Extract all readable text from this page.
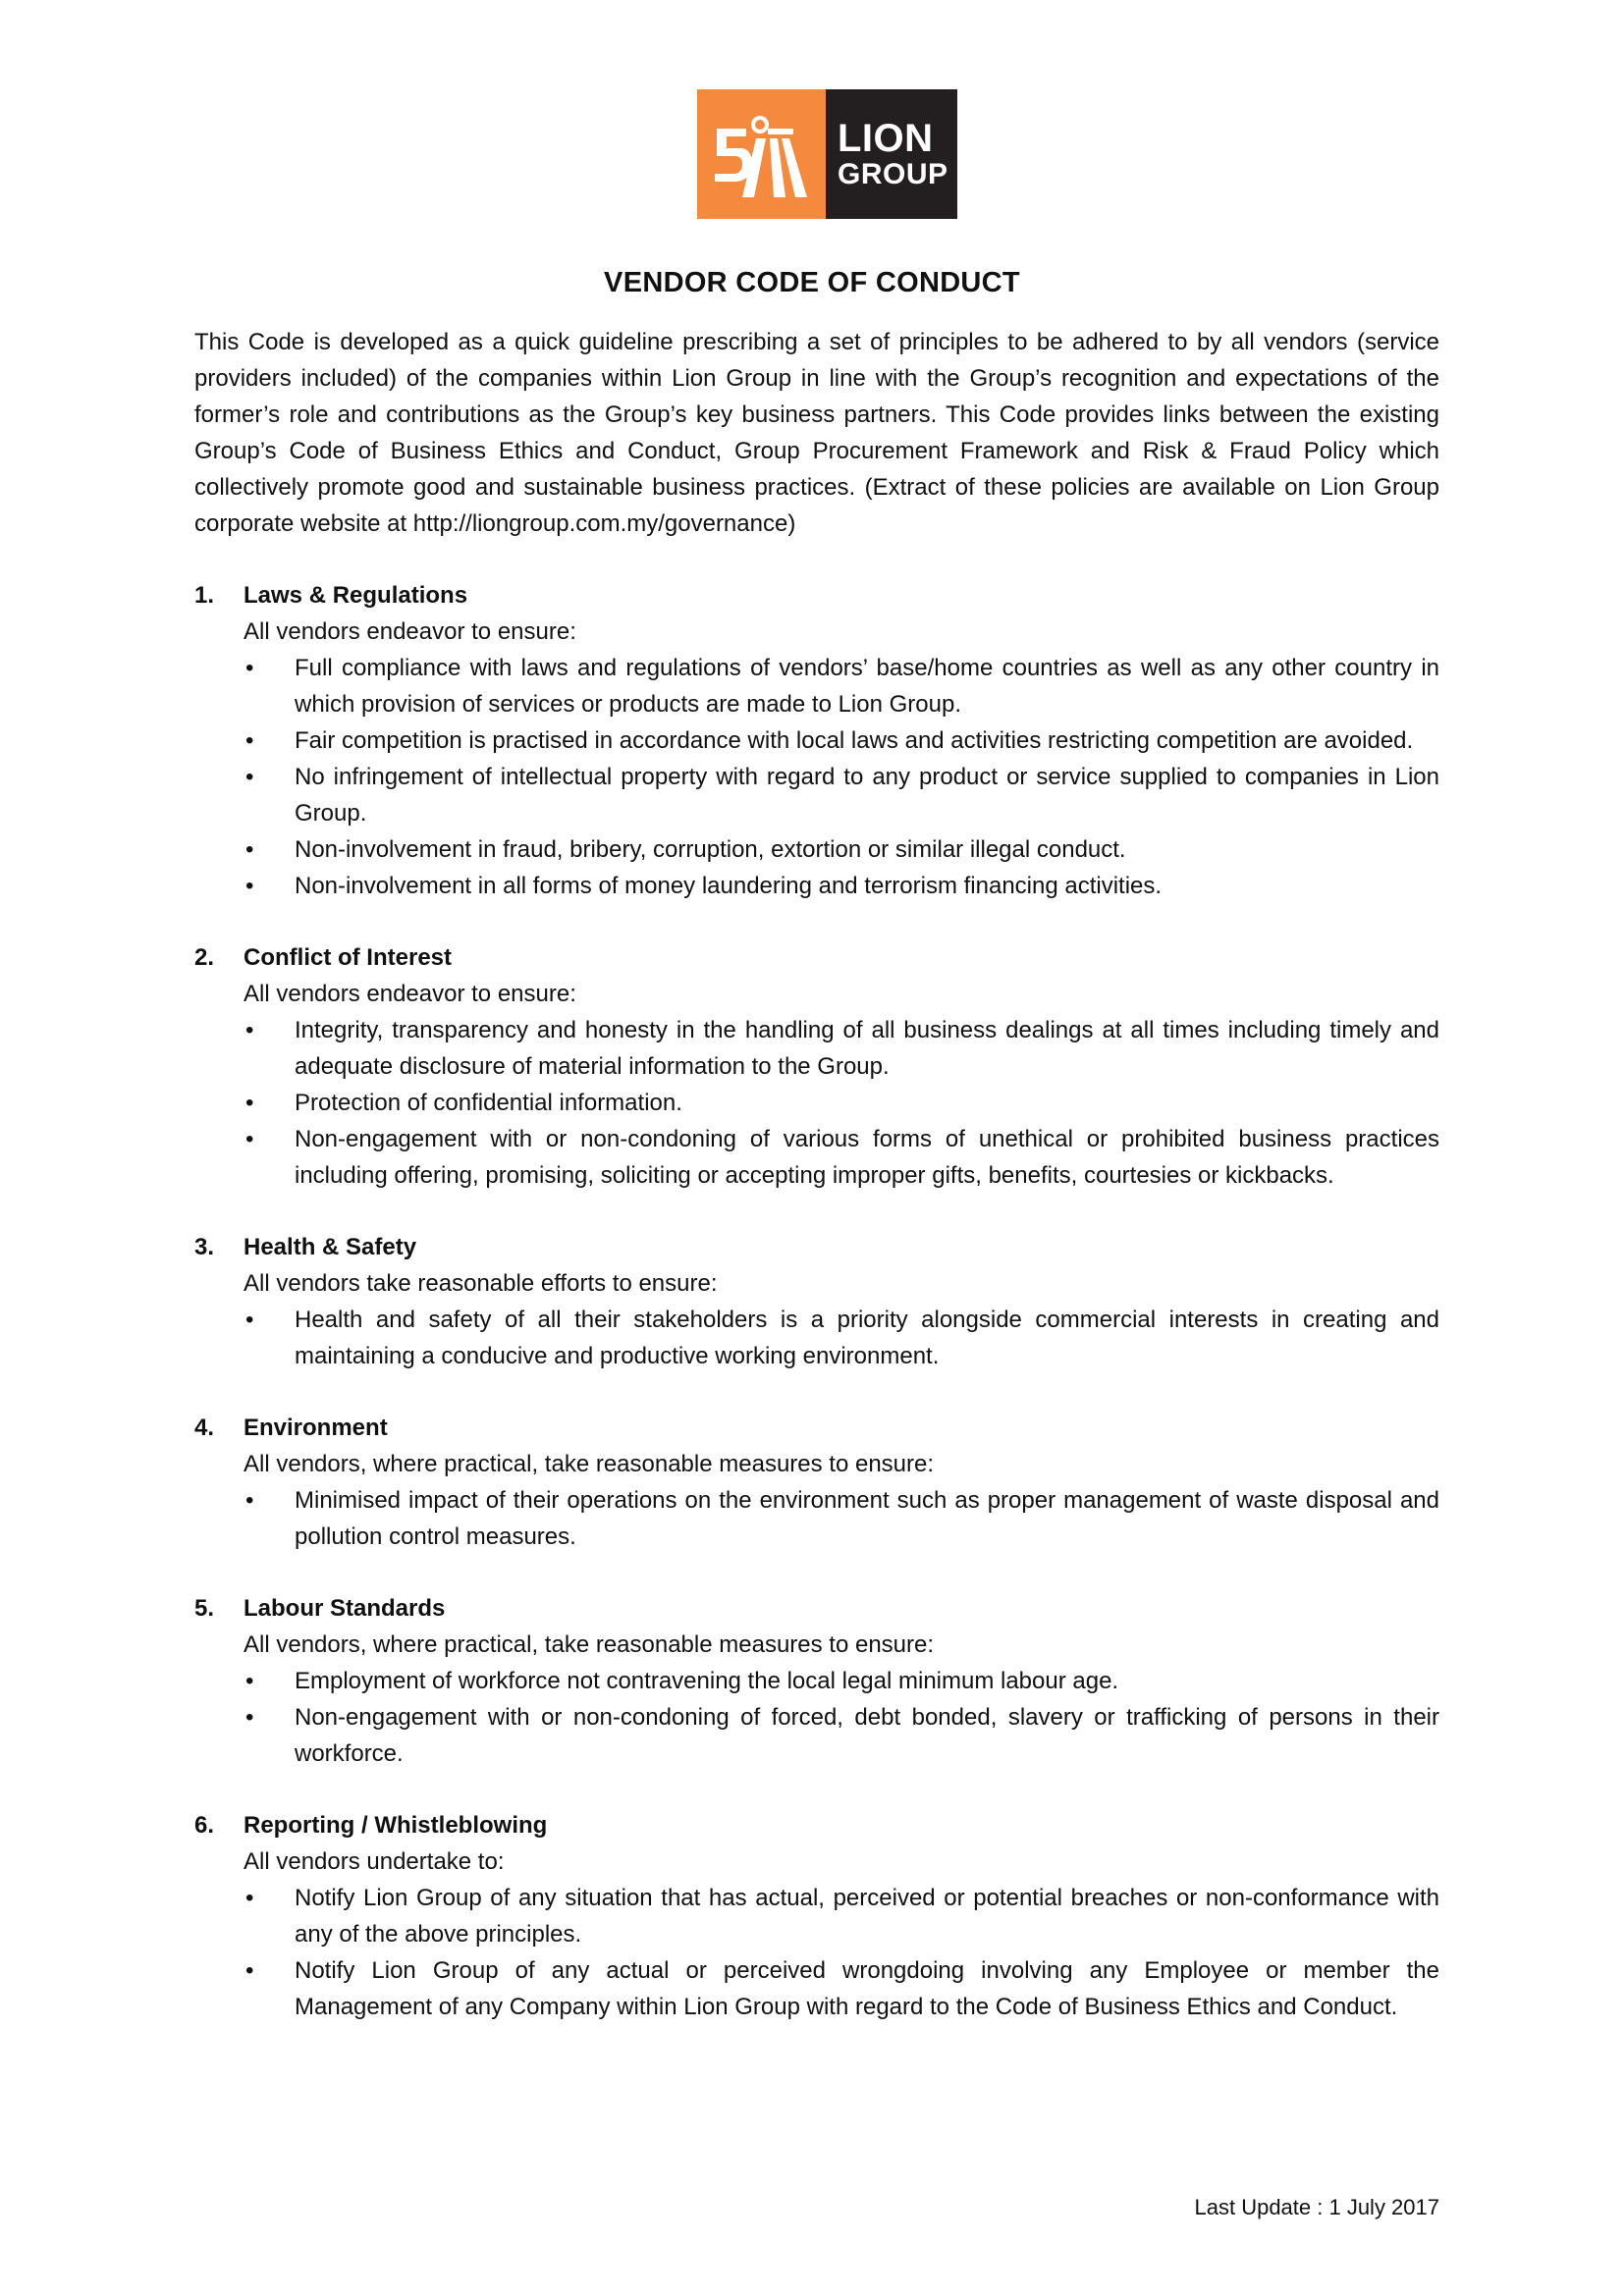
LION
GROUP
VENDOR CODE OF CONDUCT

This Code is developed as a quick guideline prescribing a set of principles to be adhered to by all vendors (service providers included) of the companies within Lion Group in line with the Group’s recognition and expectations of the former’s role and contributions as the Group’s key business partners. This Code provides links between the existing Group’s Code of Business Ethics and Conduct, Group Procurement Framework and Risk & Fraud Policy which collectively promote good and sustainable business practices. (Extract of these policies are available on Lion Group corporate website at http://liongroup.com.my/governance)

1.	Laws & Regulations
All vendors endeavor to ensure:
• Full compliance with laws and regulations of vendors’ base/home countries as well as any other country in which provision of services or products are made to Lion Group.
• Fair competition is practised in accordance with local laws and activities restricting competition are avoided.
• No infringement of intellectual property with regard to any product or service supplied to companies in Lion Group.
• Non-involvement in fraud, bribery, corruption, extortion or similar illegal conduct.
• Non-involvement in all forms of money laundering and terrorism financing activities.
2.	Conflict of Interest
All vendors endeavor to ensure:
• Integrity, transparency and honesty in the handling of all business dealings at all times including timely and adequate disclosure of material information to the Group.
• Protection of confidential information.
• Non-engagement with or non-condoning of various forms of unethical or prohibited business practices including offering, promising, soliciting or accepting improper gifts, benefits, courtesies or kickbacks.
3.	Health & Safety
All vendors take reasonable efforts to ensure:
• Health and safety of all their stakeholders is a priority alongside commercial interests in creating and maintaining a conducive and productive working environment.
4.	Environment
All vendors, where practical, take reasonable measures to ensure:
• Minimised impact of their operations on the environment such as proper management of waste disposal and pollution control measures.
5.	Labour Standards
All vendors, where practical, take reasonable measures to ensure:
• Employment of workforce not contravening the local legal minimum labour age.
• Non-engagement with or non-condoning of forced, debt bonded, slavery or trafficking of persons in their workforce.
6.	Reporting / Whistleblowing
All vendors undertake to:
• Notify Lion Group of any situation that has actual, perceived or potential breaches or non-conformance with any of the above principles.
• Notify Lion Group of any actual or perceived wrongdoing involving any Employee or member the Management of any Company within Lion Group with regard to the Code of Business Ethics and Conduct.
Last Update : 1 July 2017
